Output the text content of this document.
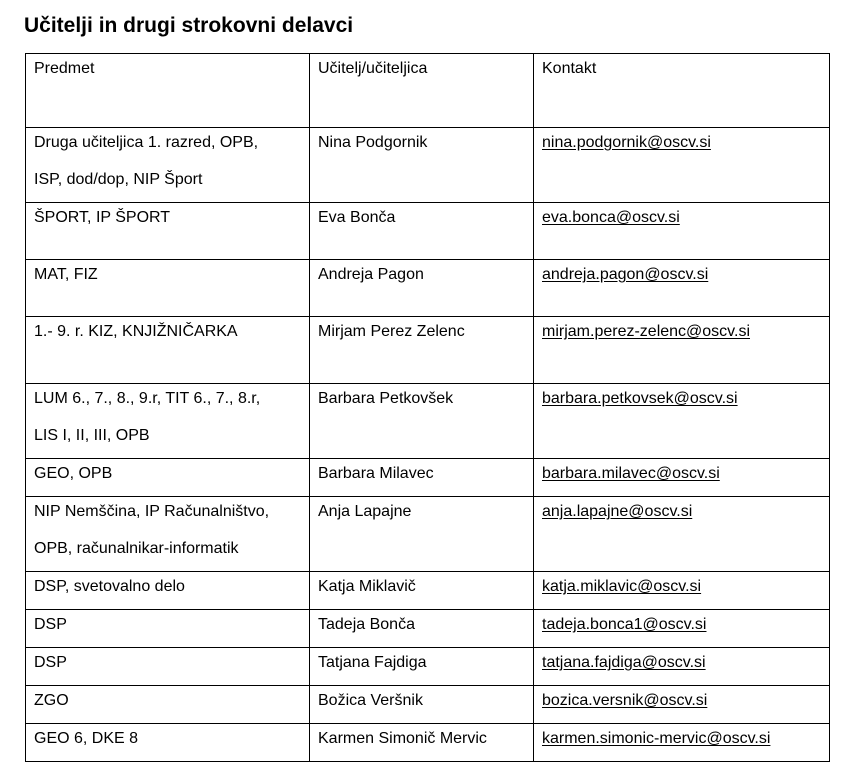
Učitelji in drugi strokovni delavci
Predmet	Učitelj/učiteljica	Kontakt

Druga učiteljica 1. razred, OPB,
ISP, dod/dop, NIP Šport	Nina Podgornik	nina.podgornik@oscv.si

ŠPORT, IP ŠPORT	Eva Bonča	eva.bonca@oscv.si

MAT, FIZ	Andreja Pagon	andreja.pagon@oscv.si

1.- 9. r. KIZ, KNJIŽNIČARKA	Mirjam Perez Zelenc	mirjam.perez-zelenc@oscv.si

LUM 6., 7., 8., 9.r, TIT 6., 7., 8.r,
LIS I, II, III, OPB	Barbara Petkovšek	barbara.petkovsek@oscv.si

GEO, OPB	Barbara Milavec	barbara.milavec@oscv.si

NIP Nemščina, IP Računalništvo,
OPB, računalnikar-informatik	Anja Lapajne	anja.lapajne@oscv.si

DSP, svetovalno delo	Katja Miklavič	katja.miklavic@oscv.si

DSP	Tadeja Bonča	tadeja.bonca1@oscv.si

DSP	Tatjana Fajdiga	tatjana.fajdiga@oscv.si

ZGO	Božica Veršnik	bozica.versnik@oscv.si

GEO 6, DKE 8	Karmen Simonič Mervic	karmen.simonic-mervic@oscv.si
